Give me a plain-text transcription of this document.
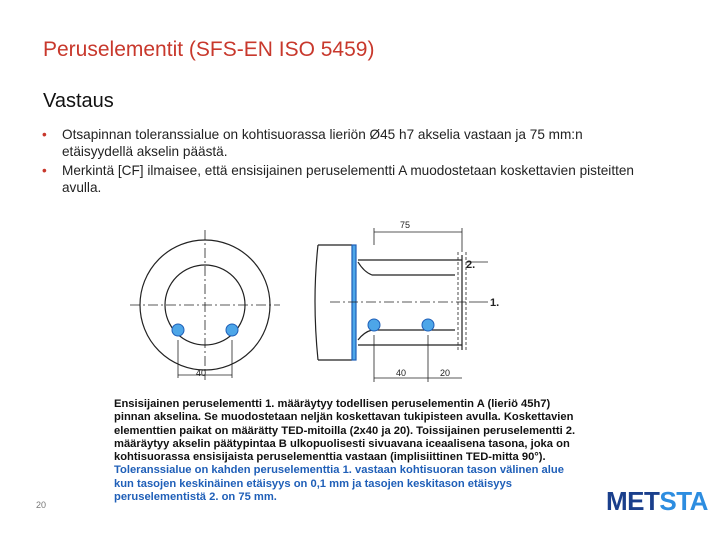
Peruselementit (SFS-EN ISO 5459)
Vastaus
• Otsapinnan toleranssialue on kohtisuorassa lieriön Ø45 h7 akselia vastaan ja 75 mm:n etäisyydellä akselin päästä.
• Merkintä [CF] ilmaisee, että ensisijainen peruselementti A muodostetaan koskettavien pisteitten avulla.
40
75
40	20
2.
1.
Ensisijainen peruselementti 1. määräytyy todellisen peruselementin A (lieriö 45h7) pinnan akselina. Se muodostetaan neljän koskettavan tukipisteen avulla. Koskettavien elementtien paikat on määrätty TED-mitoilla (2x40 ja 20). Toissijainen peruselementti 2. määräytyy akselin päätypintaa B ulkopuolisesti sivuavana iceaalisena tasona, joka on kohtisuorassa ensisijaista peruselementtia vastaan (implisiittinen TED-mitta 90°). Toleranssialue on kahden peruselementtia 1. vastaan kohtisuoran tason välinen alue kun tasojen keskinäinen etäisyys on 0,1 mm ja tasojen keskitason etäisyys peruselementistä 2. on 75 mm.
20	METSTA
